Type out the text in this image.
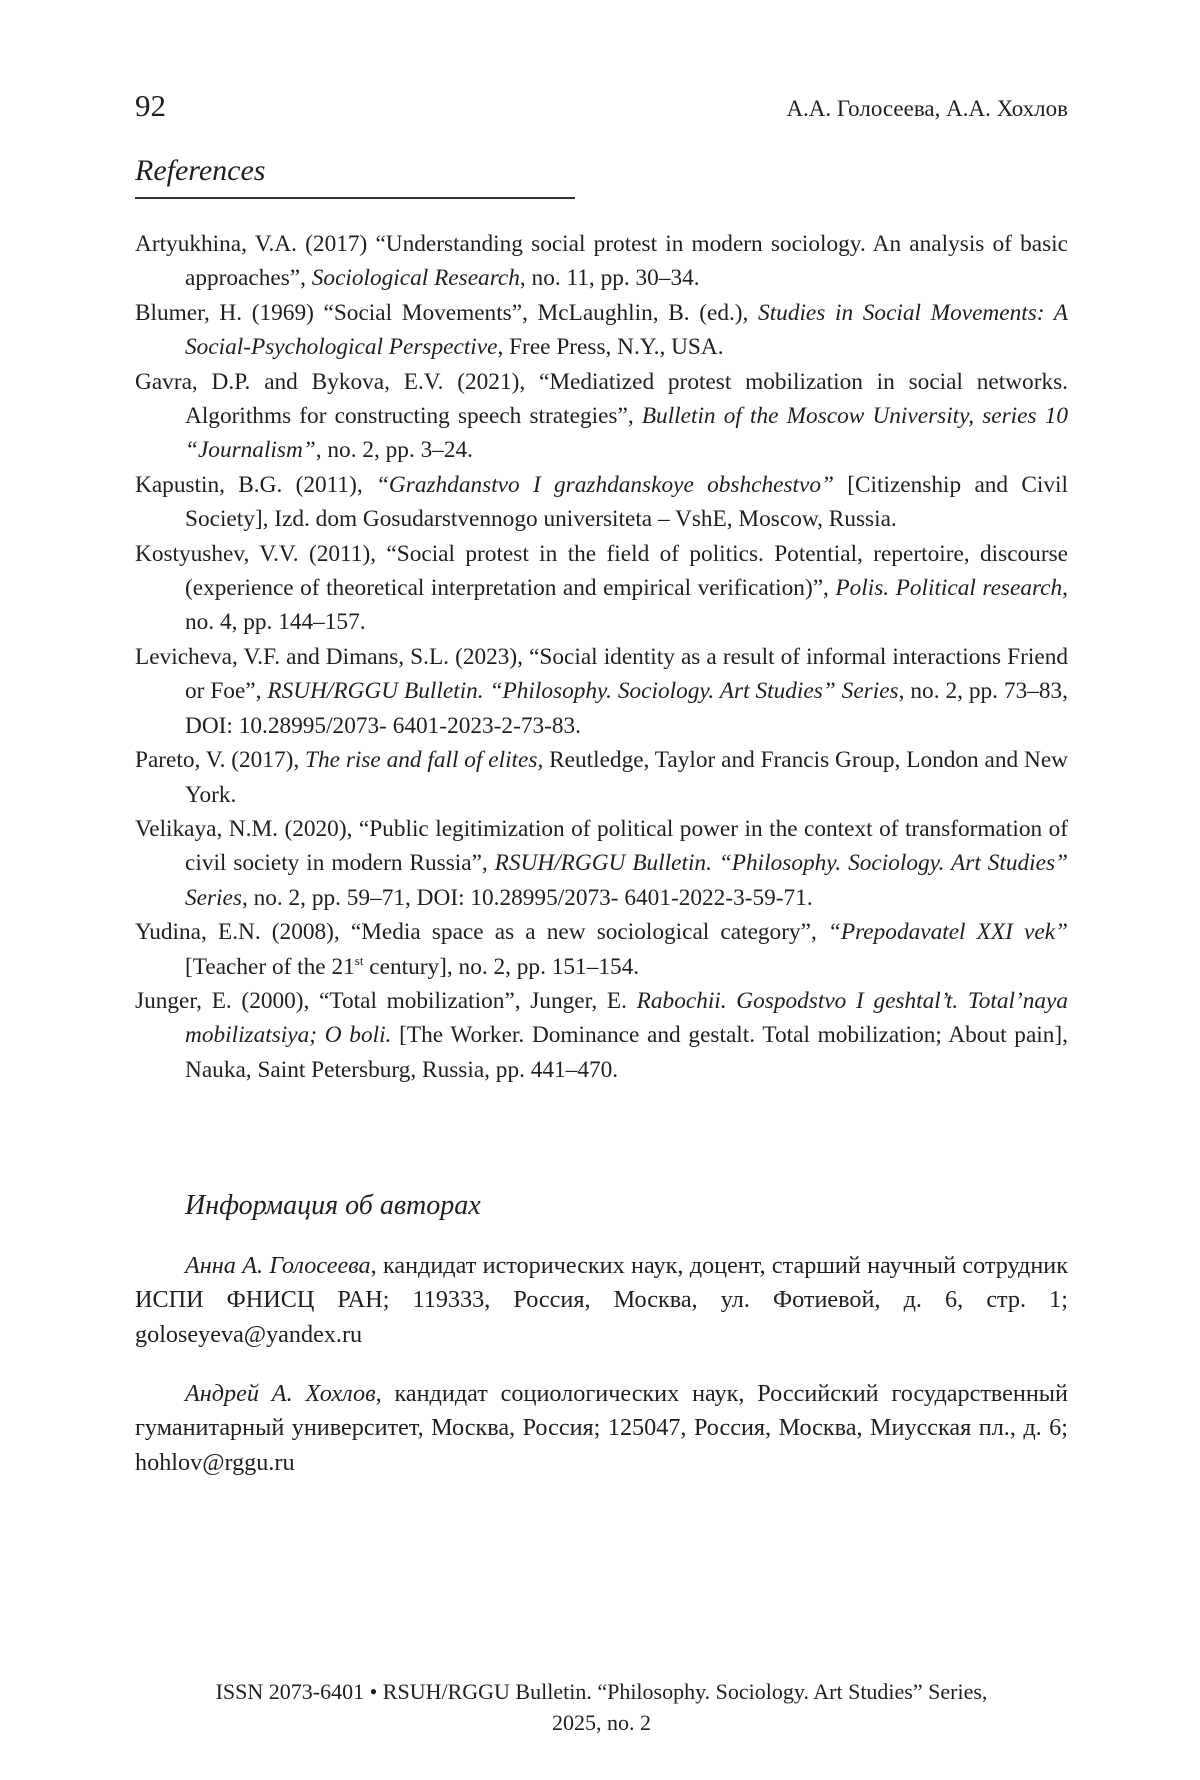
92	А.А. Голосеева, А.А. Хохлов
References
Artyukhina, V.A. (2017) “Understanding social protest in modern sociology. An analysis of basic approaches”, Sociological Research, no. 11, pp. 30–34.
Blumer, H. (1969) “Social Movements”, McLaughlin, B. (ed.), Studies in Social Movements: A Social-Psychological Perspective, Free Press, N.Y., USA.
Gavra, D.P. and Bykova, E.V. (2021), “Mediatized protest mobilization in social networks. Algorithms for constructing speech strategies”, Bulletin of the Moscow University, series 10 “Journalism”, no. 2, pp. 3–24.
Kapustin, B.G. (2011), “Grazhdanstvo I grazhdanskoye obshchestvo” [Citizenship and Civil Society], Izd. dom Gosudarstvennogo universiteta – VshE, Moscow, Russia.
Kostyushev, V.V. (2011), “Social protest in the field of politics. Potential, repertoire, discourse (experience of theoretical interpretation and empirical verification)”, Polis. Political research, no. 4, pp. 144–157.
Levicheva, V.F. and Dimans, S.L. (2023), “Social identity as a result of informal interactions Friend or Foe”, RSUH/RGGU Bulletin. “Philosophy. Sociology. Art Studies” Series, no. 2, pp. 73–83, DOI: 10.28995/2073- 6401-2023-2-73-83.
Pareto, V. (2017), The rise and fall of elites, Reutledge, Taylor and Francis Group, London and New York.
Velikaya, N.M. (2020), “Public legitimization of political power in the context of transformation of civil society in modern Russia”, RSUH/RGGU Bulletin. “Philosophy. Sociology. Art Studies” Series, no. 2, pp. 59–71, DOI: 10.28995/2073- 6401-2022-3-59-71.
Yudina, E.N. (2008), “Media space as a new sociological category”, “Prepodavatel XXI vek” [Teacher of the 21st century], no. 2, pp. 151–154.
Junger, E. (2000), “Total mobilization”, Junger, E. Rabochii. Gospodstvo I geshtal’t. Total’naya mobilizatsiya; O boli. [The Worker. Dominance and gestalt. Total mobilization; About pain], Nauka, Saint Petersburg, Russia, pp. 441–470.
Информация об авторах

Анна А. Голосеева, кандидат исторических наук, доцент, старший научный сотрудник ИСПИ ФНИСЦ РАН; 119333, Россия, Москва, ул. Фотиевой, д. 6, стр. 1; goloseyeva@yandex.ru

Андрей А. Хохлов, кандидат социологических наук, Российский государственный гуманитарный университет, Москва, Россия; 125047, Россия, Москва, Миусская пл., д. 6; hohlov@rggu.ru

ISSN 2073-6401 • RSUH/RGGU Bulletin. “Philosophy. Sociology. Art Studies” Series,
2025, no. 2
